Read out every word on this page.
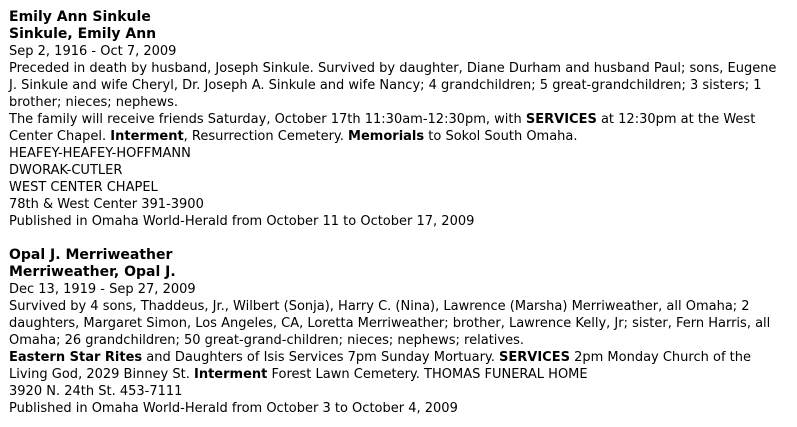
Emily Ann Sinkule
Sinkule, Emily Ann
Sep 2, 1916 - Oct 7, 2009
Preceded in death by husband, Joseph Sinkule. Survived by daughter, Diane Durham and husband Paul; sons, Eugene J. Sinkule and wife Cheryl, Dr. Joseph A. Sinkule and wife Nancy; 4 grandchildren; 5 great-grandchildren; 3 sisters; 1 brother; nieces; nephews.
The family will receive friends Saturday, October 17th 11:30am-12:30pm, with SERVICES at 12:30pm at the West Center Chapel. Interment, Resurrection Cemetery. Memorials to Sokol South Omaha.
HEAFEY-HEAFEY-HOFFMANN
DWORAK-CUTLER
WEST CENTER CHAPEL
78th & West Center 391-3900
Published in Omaha World-Herald from October 11 to October 17, 2009
Opal J. Merriweather
Merriweather, Opal J.
Dec 13, 1919 - Sep 27, 2009
Survived by 4 sons, Thaddeus, Jr., Wilbert (Sonja), Harry C. (Nina), Lawrence (Marsha) Merriweather, all Omaha; 2 daughters, Margaret Simon, Los Angeles, CA, Loretta Merriweather; brother, Lawrence Kelly, Jr; sister, Fern Harris, all Omaha; 26 grandchildren; 50 great-grand-children; nieces; nephews; relatives.
Eastern Star Rites and Daughters of Isis Services 7pm Sunday Mortuary. SERVICES 2pm Monday Church of the Living God, 2029 Binney St. Interment Forest Lawn Cemetery. THOMAS FUNERAL HOME
3920 N. 24th St. 453-7111
Published in Omaha World-Herald from October 3 to October 4, 2009
